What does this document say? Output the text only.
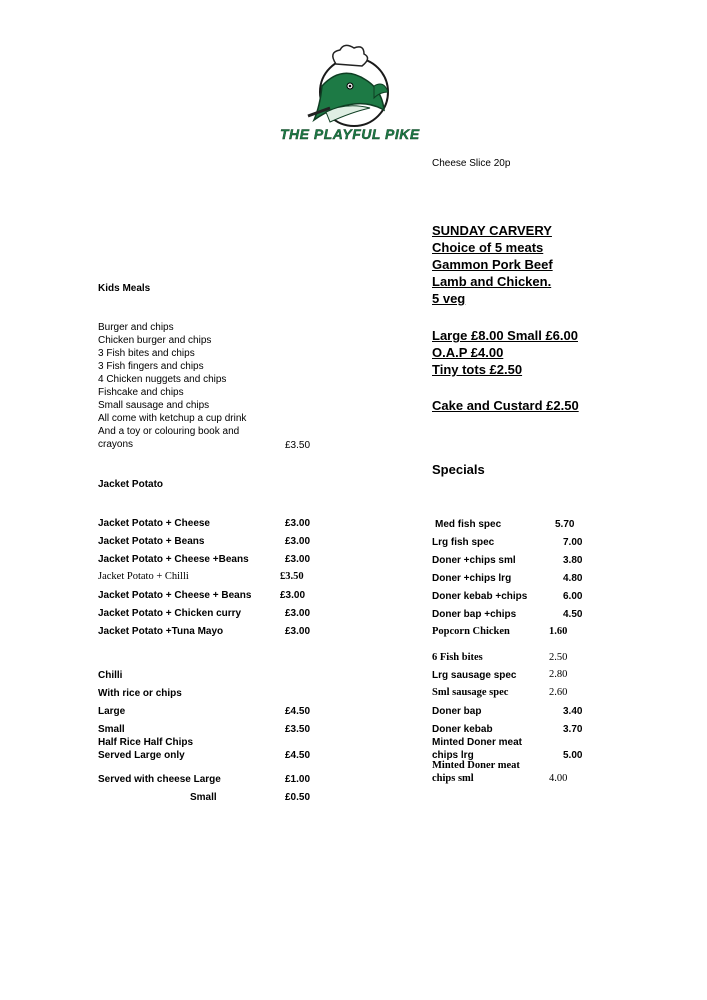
THE PLAYFUL PIKE
Cheese Slice 20p
SUNDAY CARVERY
Choice of 5 meats
Gammon Pork Beef
Lamb and Chicken.
5 veg
Large £8.00 Small £6.00
O.A.P £4.00
Tiny tots £2.50
Cake and Custard £2.50
Kids Meals
Burger and chips
Chicken burger and chips
3 Fish bites and chips
3 Fish fingers and chips
4 Chicken nuggets and chips
Fishcake and chips
Small sausage and chips
All come with ketchup a cup drink
And a toy or colouring book and
crayons	£3.50
Jacket Potato
Jacket Potato + Cheese	£3.00
Jacket Potato + Beans	£3.00
Jacket Potato + Cheese +Beans	£3.00
Jacket Potato + Chilli	£3.50
Jacket Potato + Cheese + Beans	£3.00
Jacket Potato + Chicken curry	£3.00
Jacket Potato +Tuna Mayo	£3.00
Chilli
With rice or chips
Large	£4.50
Small	£3.50
Half Rice Half Chips
Served Large only	£4.50
Served with cheese Large	£1.00
Small	£0.50
Specials
Med fish spec	5.70
Lrg fish spec	7.00
Doner +chips sml	3.80
Doner +chips lrg	4.80
Doner kebab +chips	6.00
Doner bap +chips	4.50
Popcorn Chicken	1.60
6 Fish bites	2.50
Lrg sausage spec	2.80
Sml sausage spec	2.60
Doner bap	3.40
Doner kebab	3.70
Minted Doner meat
chips lrg	5.00
Minted Doner meat
chips sml	4.00
